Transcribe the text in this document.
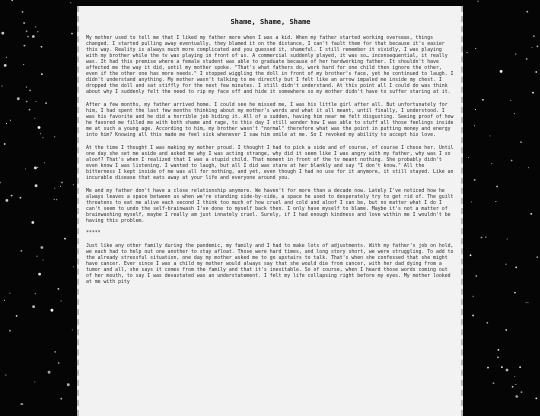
Shame, Shame, Shame

My mother used to tell me that I liked my father more when I was a kid. When my father started working overseas, things changed. I started pulling away eventually, they blamed it on the distance, I can't fault them for that because it's easier this way. Reality is always much more complicated and you guessed it, shameful. I still remember it vividly, I was playing with my brother while the tv was playing in front of us. A commercial suddenly played, it was so… inconsequential, it really was. It had this premise where a female student was able to graduate because of her hardworking father. It shouldn't have affected me the way it did, until my mother spoke. "That's what fathers do, work hard for one child then ignore the other, even if the other one has more needs." I stopped wiggling the doll in front of my brother's face, yet he continued to laugh. I didn't understand anything. My mother wasn't talking to me directly but I felt like an arrow impaled me inside my chest. I dropped the doll and sat stiffly for the next few minutes. I still didn't understand. At this point all I could do was think about why I suddenly felt the need to rip my face off and hide it somewhere so my mother didn't have to suffer staring at it.

After a few months, my father arrived home. I could see he missed me, I was his little girl after all. But unfortunately for him, I had spent the last few months thinking about my mother's words and what it all meant, until finally, I understood. I was his favorite and he did a horrible job hiding it. All of a sudden, having him near me felt disgusting. Seeing proof of how he favored me filled me with both shame and rage, to this day I still wonder how I was able to stuff all those feelings inside me at such a young age. According to him, my brother wasn't "normal" therefore what was the point in putting money and energy into him? Knowing all this made me feel sick whenever I saw him smile at me. So I revoked my ability to accept his love.

At the time I thought I was making my mother proud. I thought I had to pick a side and of course, of course I chose her. Until one day she set me aside and asked me why I was acting strange, why did it seem like I was angry with my father, why was I so aloof? That's when I realized that I was a stupid child. That moment in front of the tv meant nothing. She probably didn't even know I was listening. I wanted to laugh, but all I did was stare at her blankly and say "I don't know." All the bitterness I kept inside of me was all for nothing, and yet, even though I had no use for it anymore, it still stayed. Like an incurable disease that eats away at your life and everyone around you.

Me and my father don't have a close relationship anymore. We haven't for more than a decade now. Lately I've noticed how he always leaves a space between us when we're standing side-by-side, a space he used to desperately try to get rid of. The guilt threatens to eat me alive each second I think too much of how cruel and cold and aloof I can be, but no matter what I do I can't seem to undo the self-brainwash I've done to myself back then. I only have myself to blame. Maybe it's not a matter of brainwashing myself, maybe I really am just innately cruel. Surely, if I had enough kindness and love within me I wouldn't be having this problem.

*****

Just like any other family during the pandemic, my family and I had to make lots of adjustments. With my father's job on hold, we each had to help out one another to stay afloat. Those were hard times, and long story short, we were struggling. To add to the already stressful situation, one day my mother asked me to go upstairs to talk. That's when she confessed that she might have cancer. Ever since I was a child my mother would always say that she would die from cancer, with her dad dying from a tumor and all, she says it comes from the family and that it's inevitable. So of course, when I heard those words coming out of her mouth, to say I was devastated was an understatement. I felt my life collapsing right before my eyes. My mother looked at me with pity
